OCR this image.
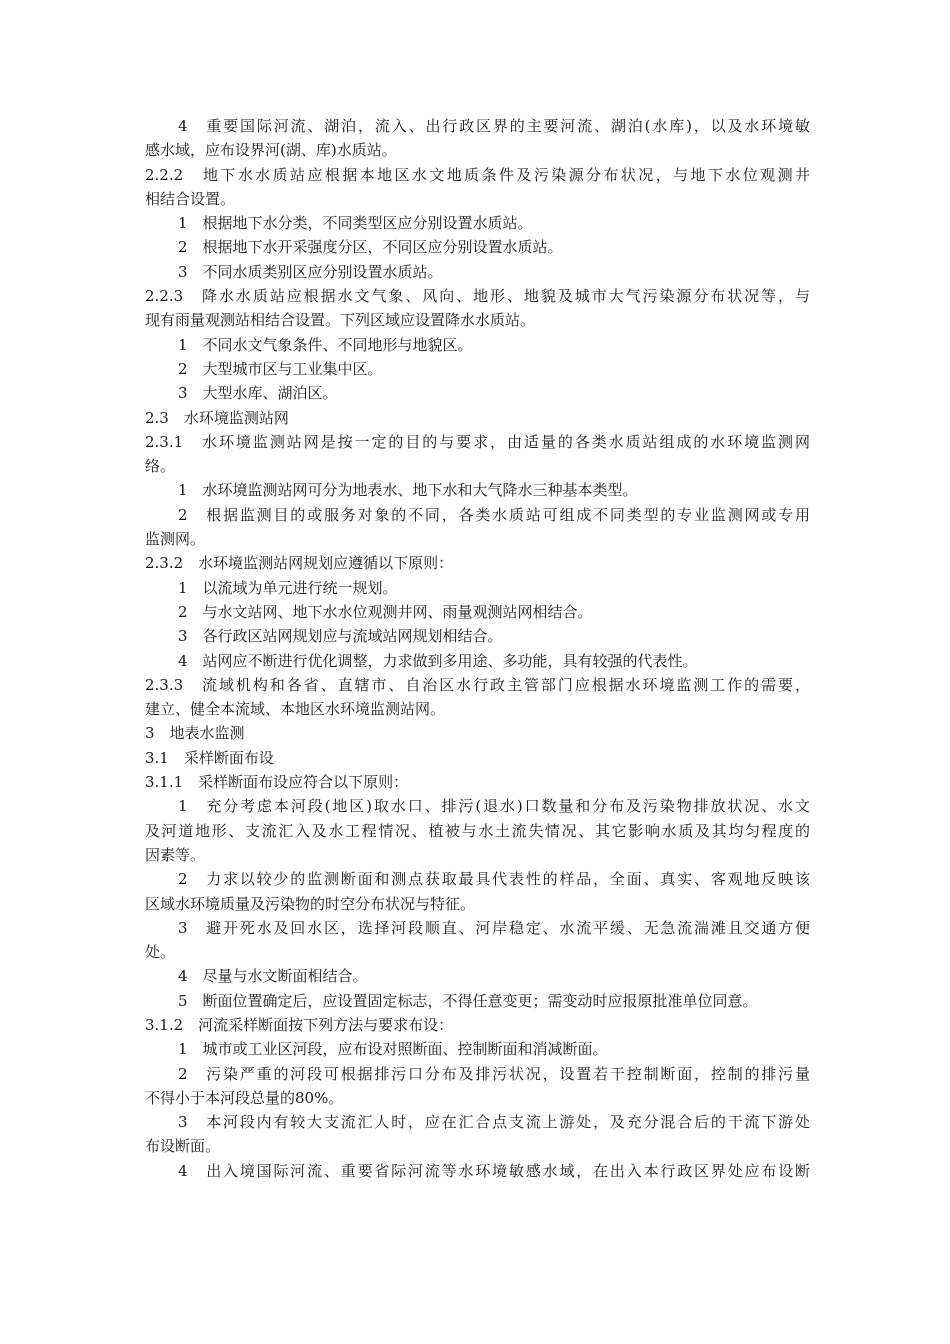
4　重要国际河流、湖泊，流入、出行政区界的主要河流、湖泊(水库)，以及水环境敏

感水域，应布设界河(湖、库)水质站。

2.2.2　地下水水质站应根据本地区水文地质条件及污染源分布状况，与地下水位观测井

相结合设置。

1　根据地下水分类，不同类型区应分别设置水质站。

2　根据地下水开采强度分区，不同区应分别设置水质站。

3　不同水质类别区应分别设置水质站。

2.2.3　降水水质站应根据水文气象、风向、地形、地貌及城市大气污染源分布状况等，与

现有雨量观测站相结合设置。下列区域应设置降水水质站。

1　不同水文气象条件、不同地形与地貌区。

2　大型城市区与工业集中区。

3　大型水库、湖泊区。

2.3　水环境监测站网

2.3.1　水环境监测站网是按一定的目的与要求，由适量的各类水质站组成的水环境监测网

络。

1　水环境监测站网可分为地表水、地下水和大气降水三种基本类型。

2　根据监测目的或服务对象的不同，各类水质站可组成不同类型的专业监测网或专用

监测网。

2.3.2　水环境监测站网规划应遵循以下原则：

1　以流域为单元进行统一规划。

2　与水文站网、地下水水位观测井网、雨量观测站网相结合。

3　各行政区站网规划应与流域站网规划相结合。

4　站网应不断进行优化调整，力求做到多用途、多功能，具有较强的代表性。

2.3.3　流域机构和各省、直辖市、自治区水行政主管部门应根据水环境监测工作的需要，

建立、健全本流域、本地区水环境监测站网。

3　地表水监测

3.1　采样断面布设

3.1.1　采样断面布设应符合以下原则：

1　充分考虑本河段(地区)取水口、排污(退水)口数量和分布及污染物排放状况、水文

及河道地形、支流汇入及水工程情况、植被与水土流失情况、其它影响水质及其均匀程度的

因素等。

2　力求以较少的监测断面和测点获取最具代表性的样品，全面、真实、客观地反映该

区域水环境质量及污染物的时空分布状况与特征。

3　避开死水及回水区，选择河段顺直、河岸稳定、水流平缓、无急流湍滩且交通方便

处。

4　尽量与水文断面相结合。

5　断面位置确定后，应设置固定标志，不得任意变更；需变动时应报原批准单位同意。

3.1.2　河流采样断面按下列方法与要求布设：

1　城市或工业区河段，应布设对照断面、控制断面和消减断面。

2　污染严重的河段可根据排污口分布及排污状况，设置若干控制断面，控制的排污量

不得小于本河段总量的80%。

3　本河段内有较大支流汇人时，应在汇合点支流上游处，及充分混合后的干流下游处

布设断面。

4　出入境国际河流、重要省际河流等水环境敏感水域，在出入本行政区界处应布设断
